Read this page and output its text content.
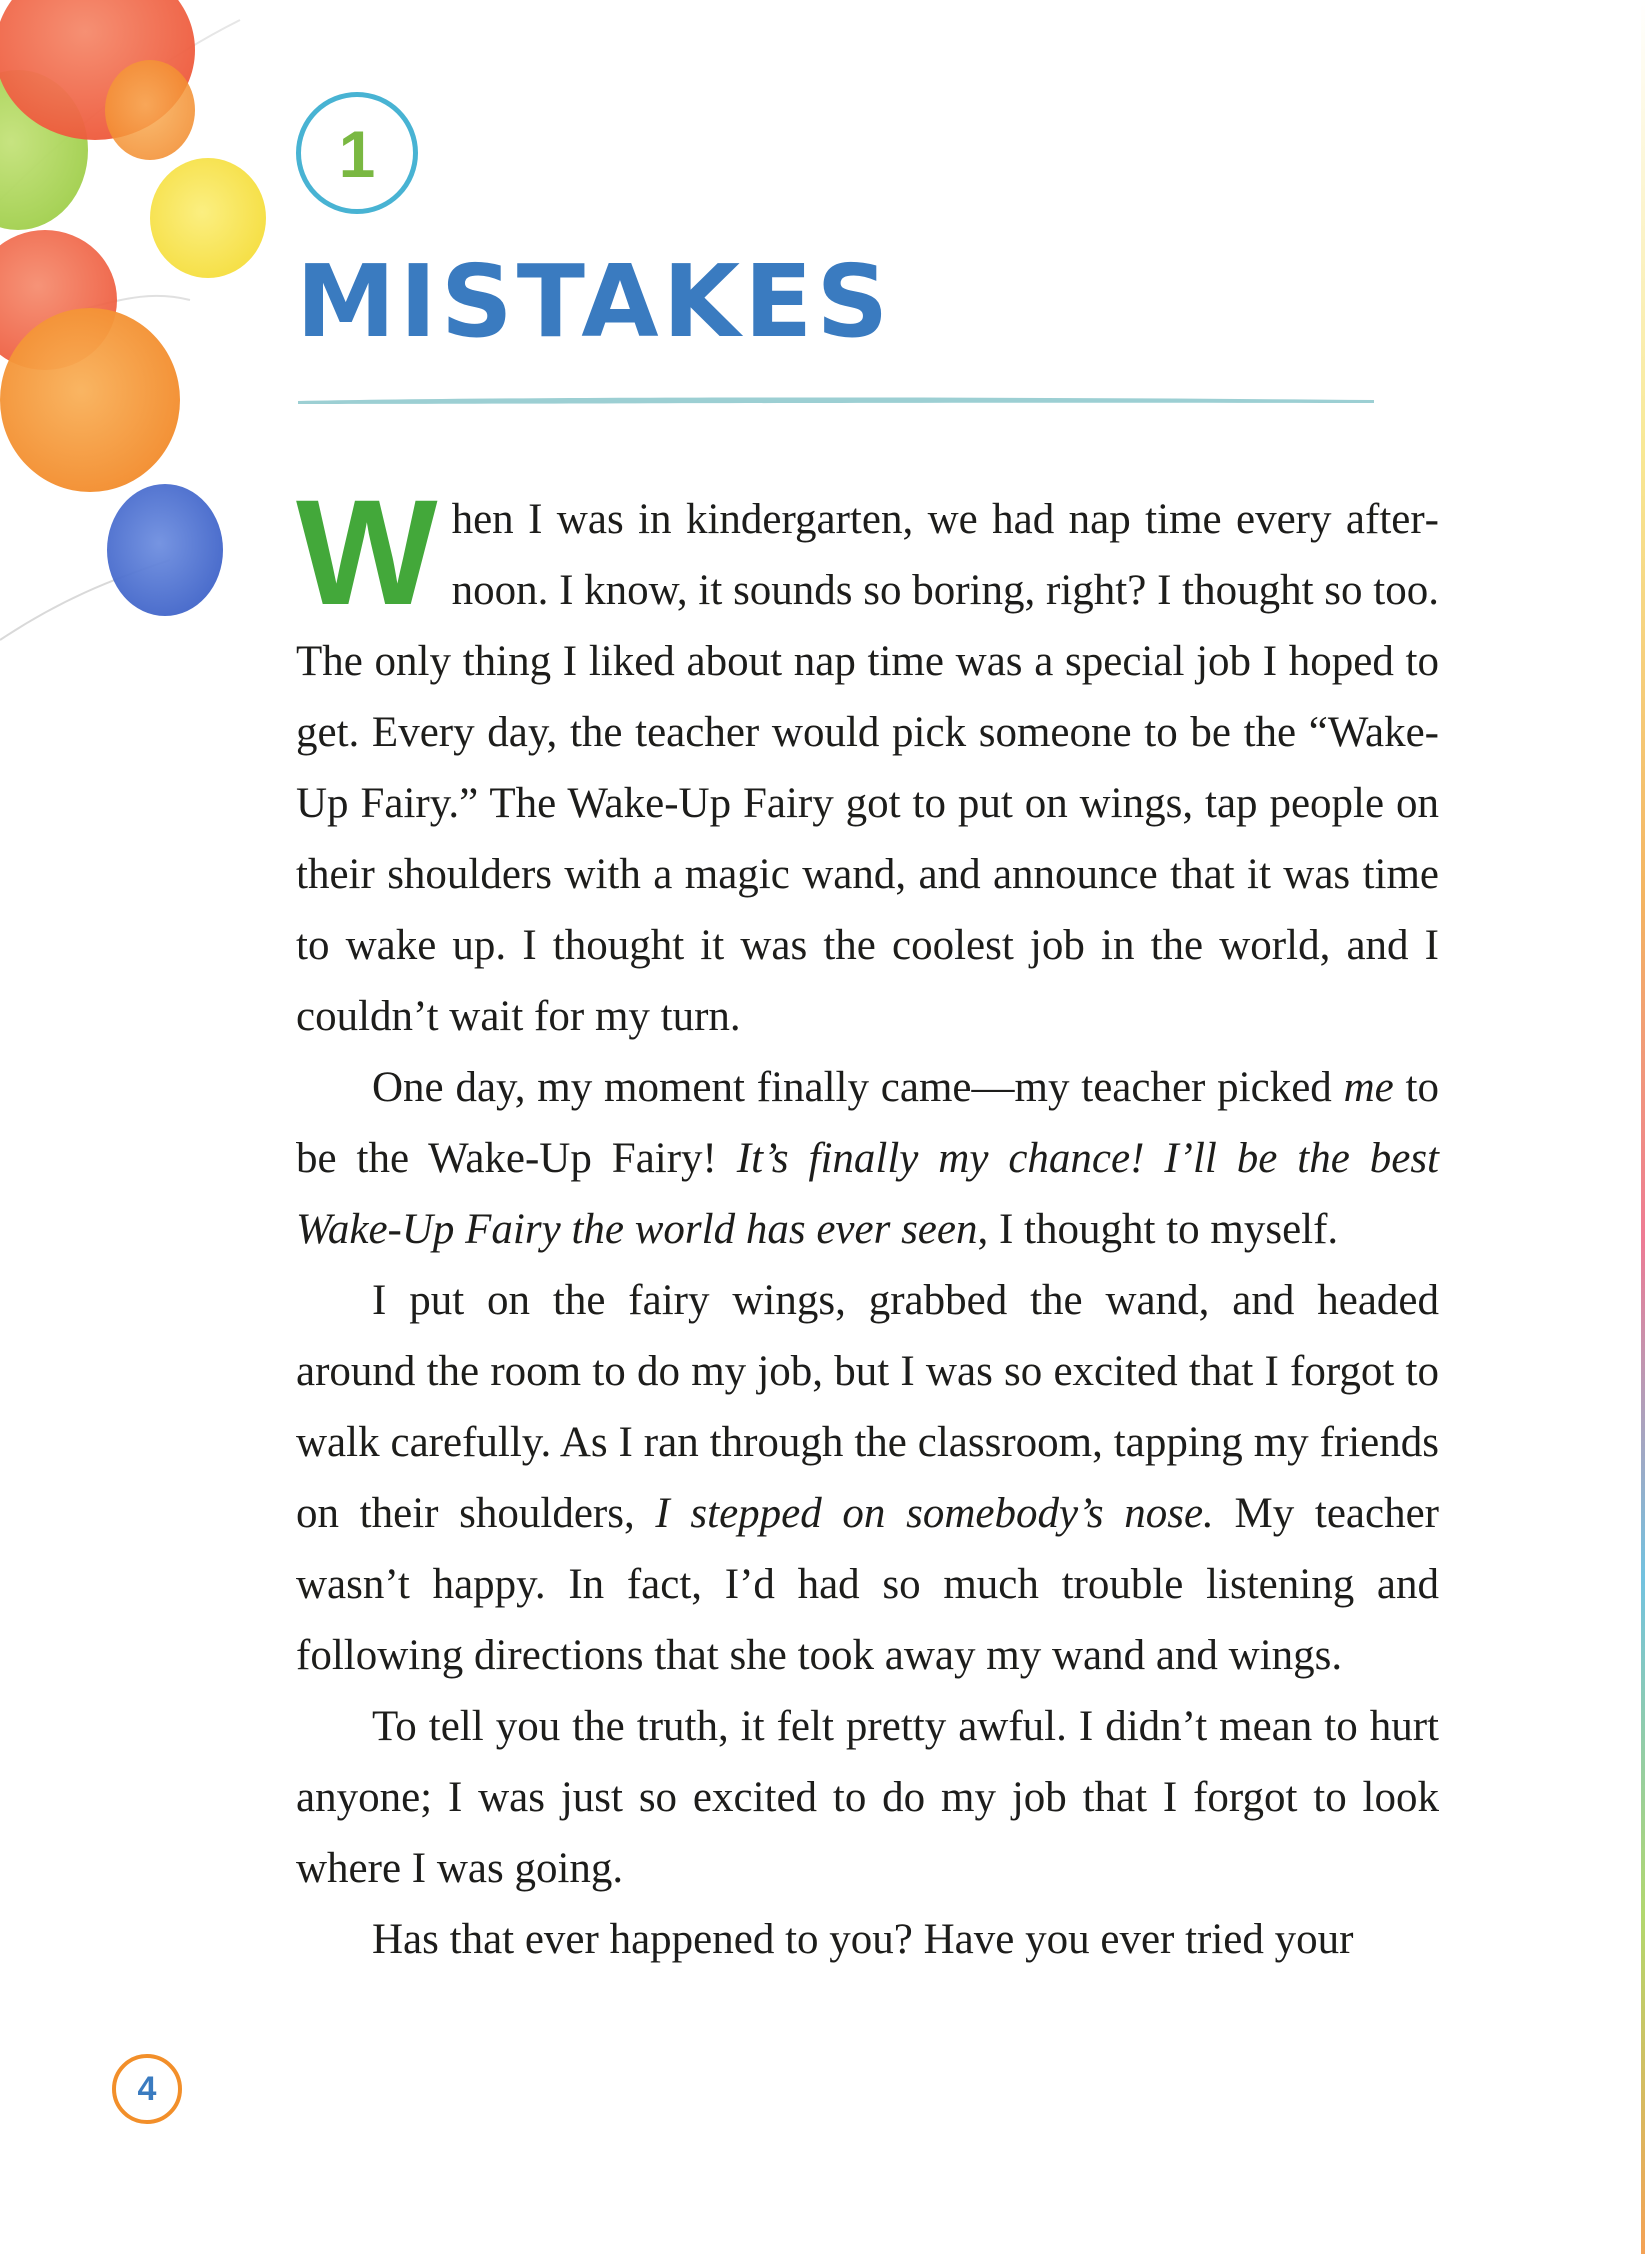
1
MISTAKES

When I was in kindergarten, we had nap time every afternoon. I know, it sounds so boring, right? I thought so too. The only thing I liked about nap time was a special job I hoped to get. Every day, the teacher would pick someone to be the “Wake-Up Fairy.” The Wake-Up Fairy got to put on wings, tap people on their shoulders with a magic wand, and announce that it was time to wake up. I thought it was the coolest job in the world, and I couldn’t wait for my turn.

One day, my moment finally came—my teacher picked me to be the Wake-Up Fairy! It’s finally my chance! I’ll be the best Wake-Up Fairy the world has ever seen, I thought to myself.

I put on the fairy wings, grabbed the wand, and headed around the room to do my job, but I was so excited that I forgot to walk carefully. As I ran through the classroom, tapping my friends on their shoulders, I stepped on somebody’s nose. My teacher wasn’t happy. In fact, I’d had so much trouble listening and following directions that she took away my wand and wings.

To tell you the truth, it felt pretty awful. I didn’t mean to hurt anyone; I was just so excited to do my job that I forgot to look where I was going.

Has that ever happened to you? Have you ever tried your

4
